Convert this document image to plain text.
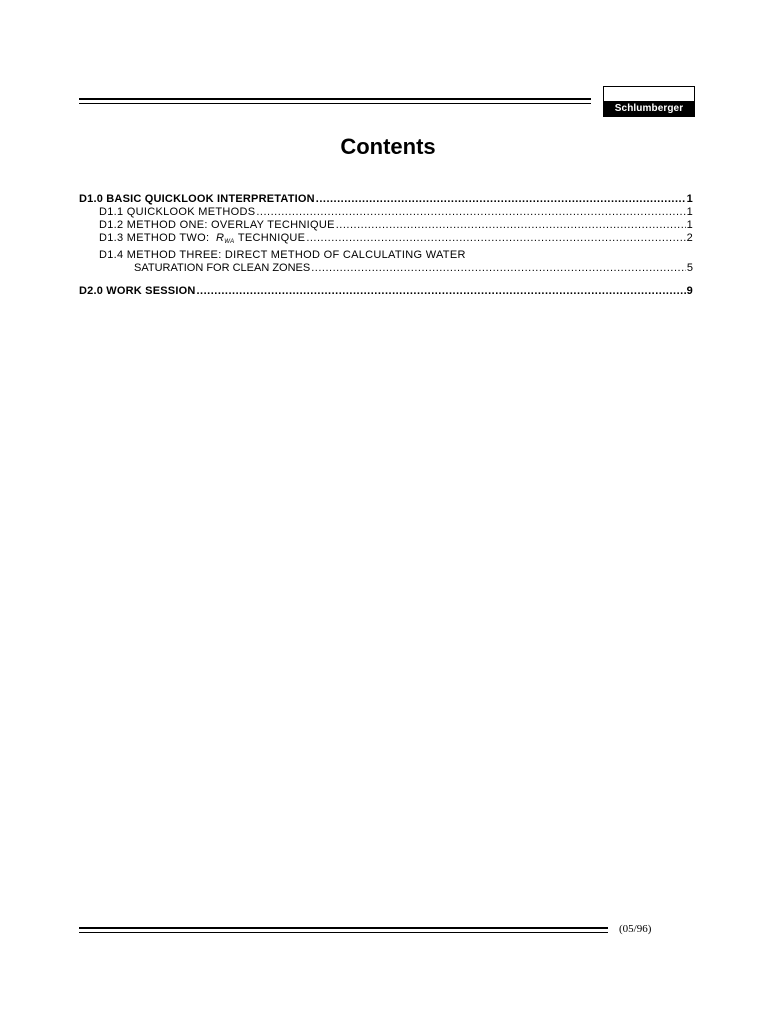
Schlumberger
Contents
D1.0 BASIC QUICKLOOK INTERPRETATION .....	1
D1.1 QUICKLOOK METHODS .....	1
D1.2 METHOD ONE: OVERLAY TECHNIQUE .....	1
D1.3 METHOD TWO: $R_{WA}$ TECHNIQUE .....	2
D1.4 METHOD THREE: DIRECT METHOD OF CALCULATING WATER
SATURATION FOR CLEAN ZONES .....	5
D2.0 WORK SESSION .....	9
(05/96)
